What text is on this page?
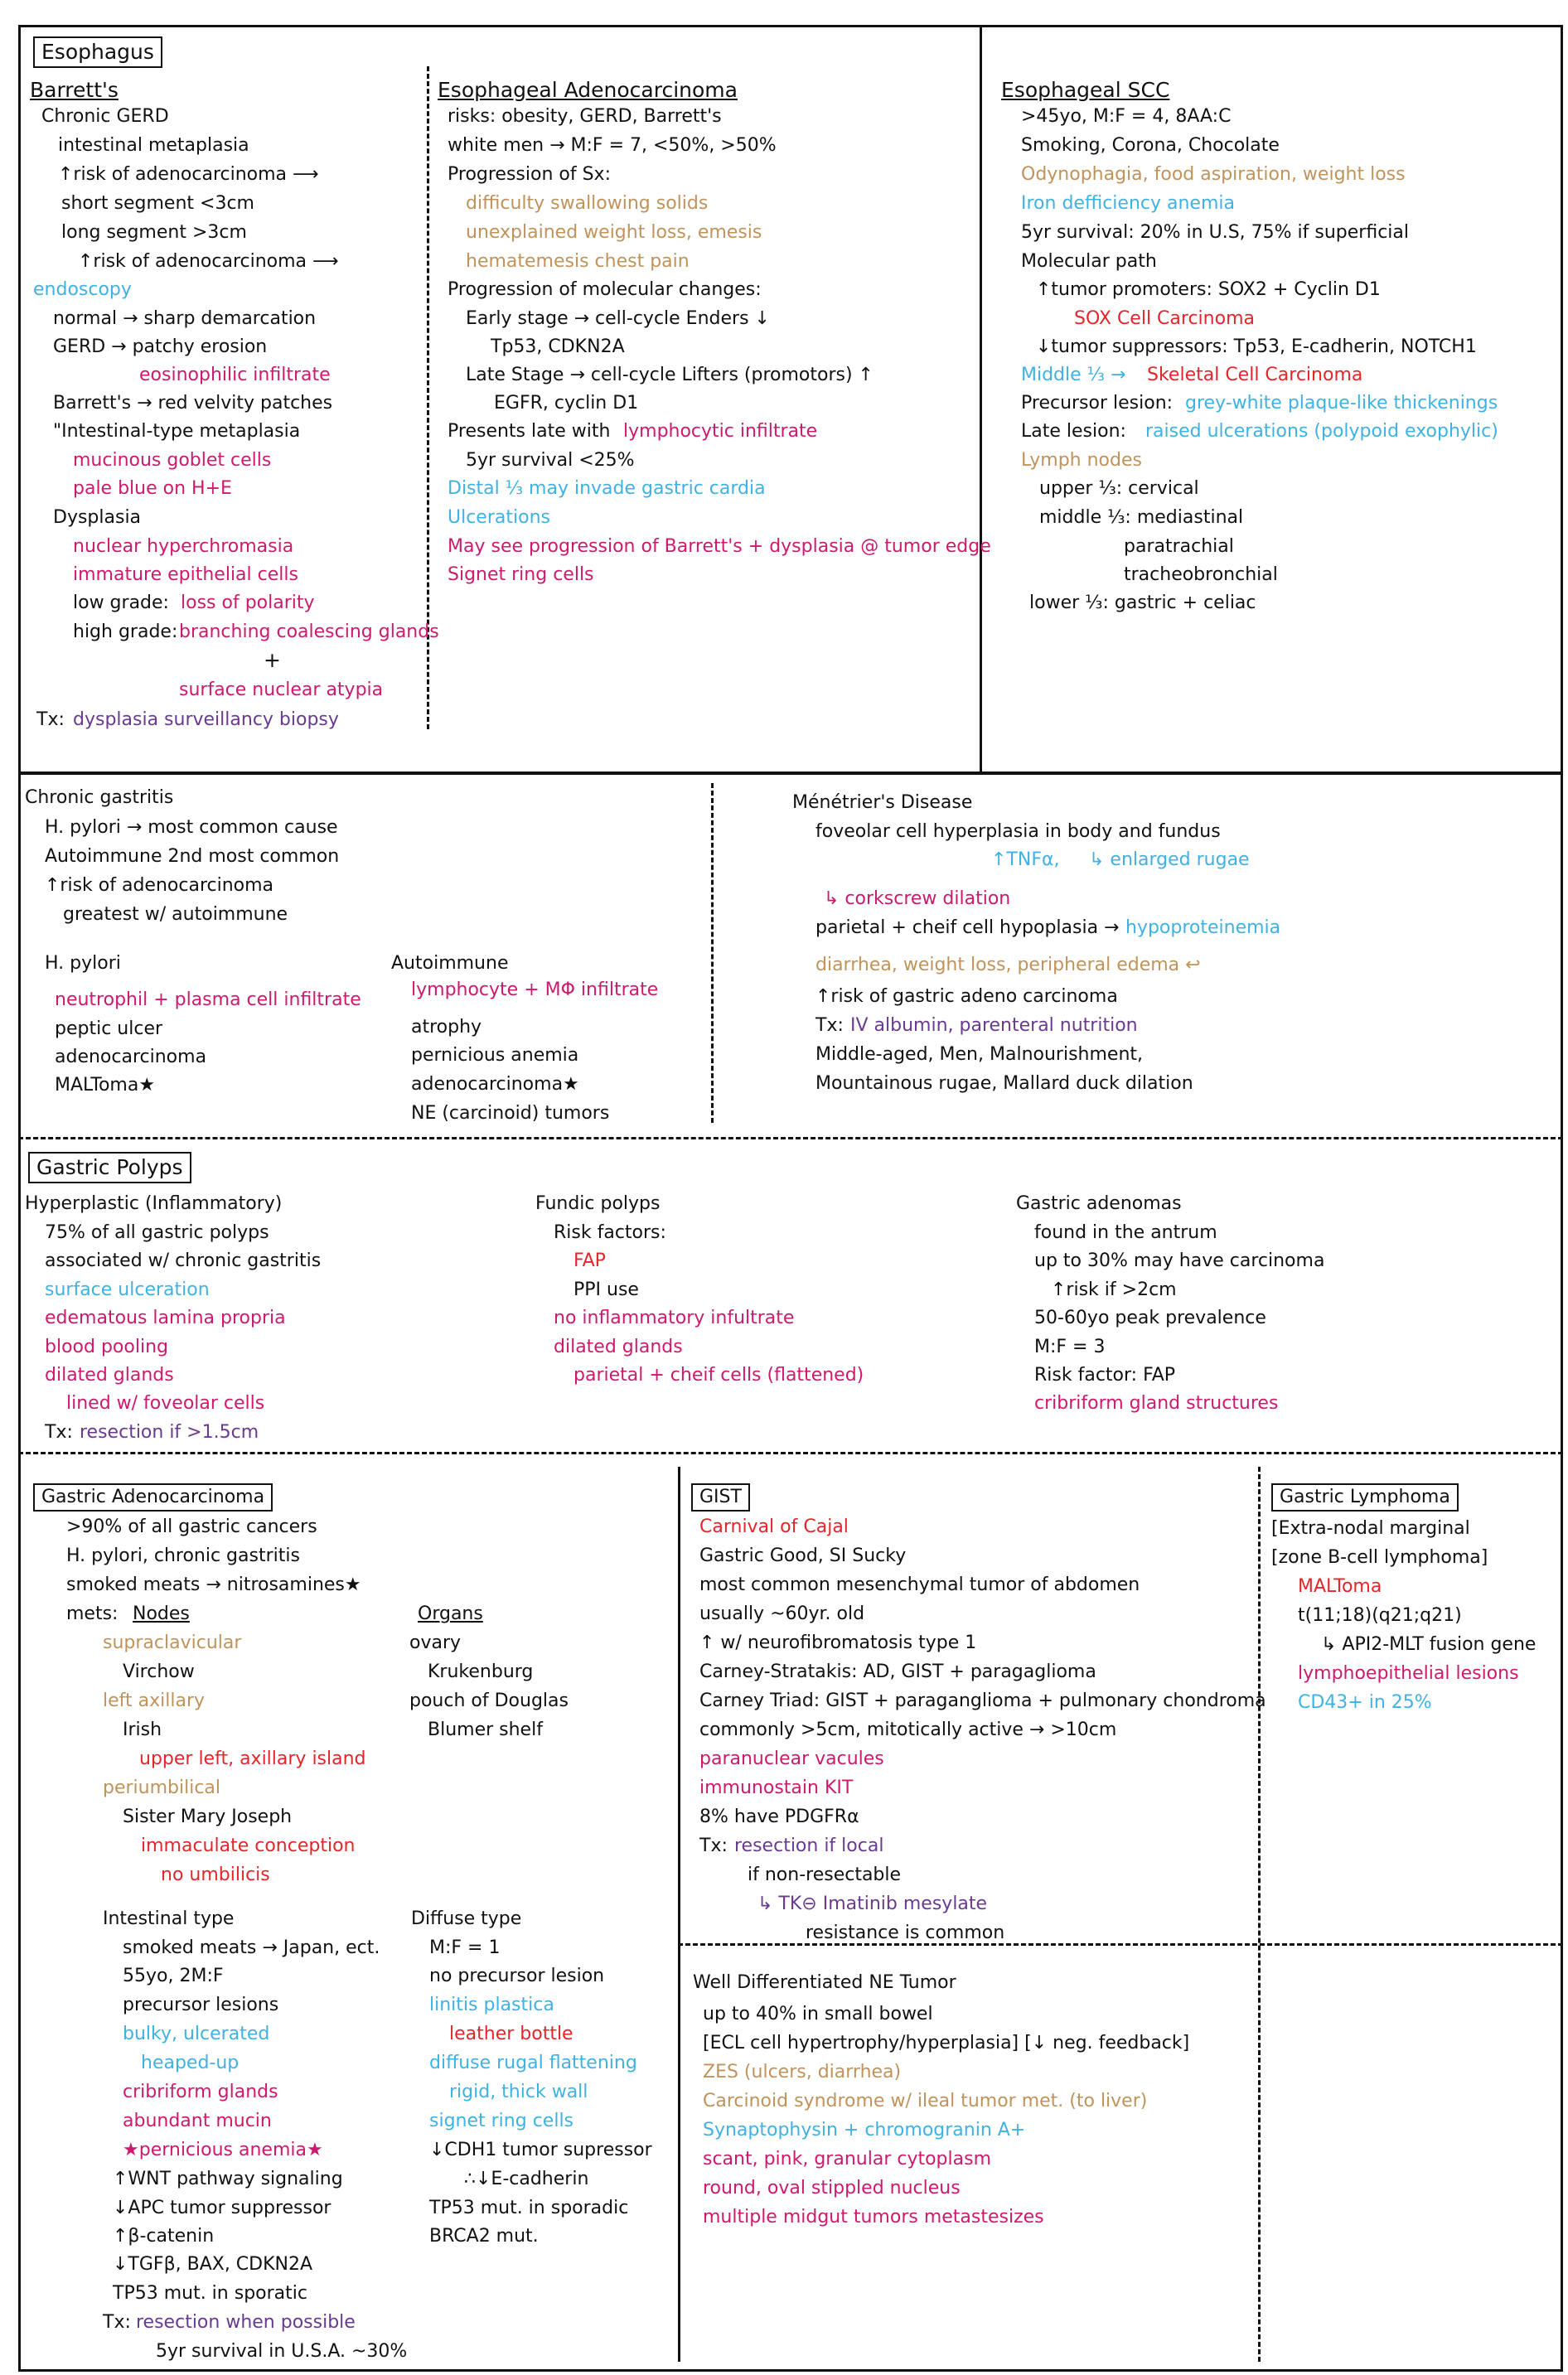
Esophagus
Barrett's
Chronic GERD
intestinal metaplasia
↑risk of adenocarcinoma ⟶
short segment <3cm
long segment >3cm
↑risk of adenocarcinoma ⟶
endoscopy
normal → sharp demarcation
GERD → patchy erosion
eosinophilic infiltrate
Barrett's → red velvity patches
"Intestinal-type metaplasia
mucinous goblet cells
pale blue on H+E
Dysplasia
nuclear hyperchromasia
immature epithelial cells
low grade: loss of polarity
high grade: branching coalescing glands
+
surface nuclear atypia
Tx: dysplasia surveillancy biopsy
Esophageal Adenocarcinoma
risks: obesity, GERD, Barrett's
white men → M:F = 7, <50%, >50%
Progression of Sx:
difficulty swallowing solids
unexplained weight loss, emesis
hematemesis chest pain
Progression of molecular changes:
Early stage → cell-cycle Enders ↓
Tp53, CDKN2A
Late Stage → cell-cycle Lifters (promotors) ↑
EGFR, cyclin D1
Presents late with lymphocytic infiltrate
5yr survival <25%
Distal ⅓ may invade gastric cardia
Ulcerations
May see progression of Barrett's + dysplasia @ tumor edge
Signet ring cells
Esophageal SCC
>45yo, M:F = 4, 8AA:C
Smoking, Corona, Chocolate
Odynophagia, food aspiration, weight loss
Iron defficiency anemia
5yr survival: 20% in U.S, 75% if superficial
Molecular path
↑tumor promoters: SOX2 + Cyclin D1
SOX Cell Carcinoma
↓tumor suppressors: Tp53, E-cadherin, NOTCH1
Middle ⅓ → Skeletal Cell Carcinoma
Precursor lesion: grey-white plaque-like thickenings
Late lesion: raised ulcerations (polypoid exophylic)
Lymph nodes
upper ⅓: cervical
middle ⅓: mediastinal
paratrachial
tracheobronchial
lower ⅓: gastric + celiac
Chronic gastritis
H. pylori → most common cause
Autoimmune 2nd most common
↑risk of adenocarcinoma
greatest w/ autoimmune
H. pylori
neutrophil + plasma cell infiltrate
peptic ulcer
adenocarcinoma
MALToma★
Autoimmune
lymphocyte + MΦ infiltrate
atrophy
pernicious anemia
adenocarcinoma★
NE (carcinoid) tumors
Ménétrier's Disease
foveolar cell hyperplasia in body and fundus
↑TNFα, ↳ enlarged rugae
↳ corkscrew dilation
parietal + cheif cell hypoplasia → hypoproteinemia
diarrhea, weight loss, peripheral edema ↩
↑risk of gastric adeno carcinoma
Tx: IV albumin, parenteral nutrition
Middle-aged, Men, Malnourishment,
Mountainous rugae, Mallard duck dilation
Gastric Polyps
Hyperplastic (Inflammatory)
75% of all gastric polyps
associated w/ chronic gastritis
surface ulceration
edematous lamina propria
blood pooling
dilated glands
lined w/ foveolar cells
Tx: resection if >1.5cm
Fundic polyps
Risk factors:
FAP
PPI use
no inflammatory infultrate
dilated glands
parietal + cheif cells (flattened)
Gastric adenomas
found in the antrum
up to 30% may have carcinoma
↑risk if >2cm
50-60yo peak prevalence
M:F = 3
Risk factor: FAP
cribriform gland structures
Gastric Adenocarcinoma
>90% of all gastric cancers
H. pylori, chronic gastritis
smoked meats → nitrosamines★
mets: Nodes
supraclavicular
Virchow
left axillary
Irish
upper left, axillary island
periumbilical
Sister Mary Joseph
immaculate conception
no umbilicis
Organs
ovary
Krukenburg
pouch of Douglas
Blumer shelf
Intestinal type
smoked meats → Japan, ect.
55yo, 2M:F
precursor lesions
bulky, ulcerated
heaped-up
cribriform glands
abundant mucin
★pernicious anemia★
↑WNT pathway signaling
↓APC tumor suppressor
↑β-catenin
↓TGFβ, BAX, CDKN2A
TP53 mut. in sporatic
Tx: resection when possible
5yr survival in U.S.A. ~30%
Diffuse type
M:F = 1
no precursor lesion
linitis plastica
leather bottle
diffuse rugal flattening
rigid, thick wall
signet ring cells
↓CDH1 tumor supressor
∴↓E-cadherin
TP53 mut. in sporadic
BRCA2 mut.
GIST
Carnival of Cajal
Gastric Good, SI Sucky
most common mesenchymal tumor of abdomen
usually ~60yr. old
↑ w/ neurofibromatosis type 1
Carney-Stratakis: AD, GIST + paragaglioma
Carney Triad: GIST + paraganglioma + pulmonary chondroma
commonly >5cm, mitotically active → >10cm
paranuclear vacules
immunostain KIT
8% have PDGFRα
Tx: resection if local
if non-resectable
↳ TK⊖ Imatinib mesylate
resistance is common
Gastric Lymphoma
[Extra-nodal marginal
[zone B-cell lymphoma]
MALToma
t(11;18)(q21;q21)
↳ API2-MLT fusion gene
lymphoepithelial lesions
CD43+ in 25%
Well Differentiated NE Tumor
up to 40% in small bowel
[ECL cell hypertrophy/hyperplasia] [↓ neg. feedback]
ZES (ulcers, diarrhea)
Carcinoid syndrome w/ ileal tumor met. (to liver)
Synaptophysin + chromogranin A+
scant, pink, granular cytoplasm
round, oval stippled nucleus
multiple midgut tumors metastesizes
